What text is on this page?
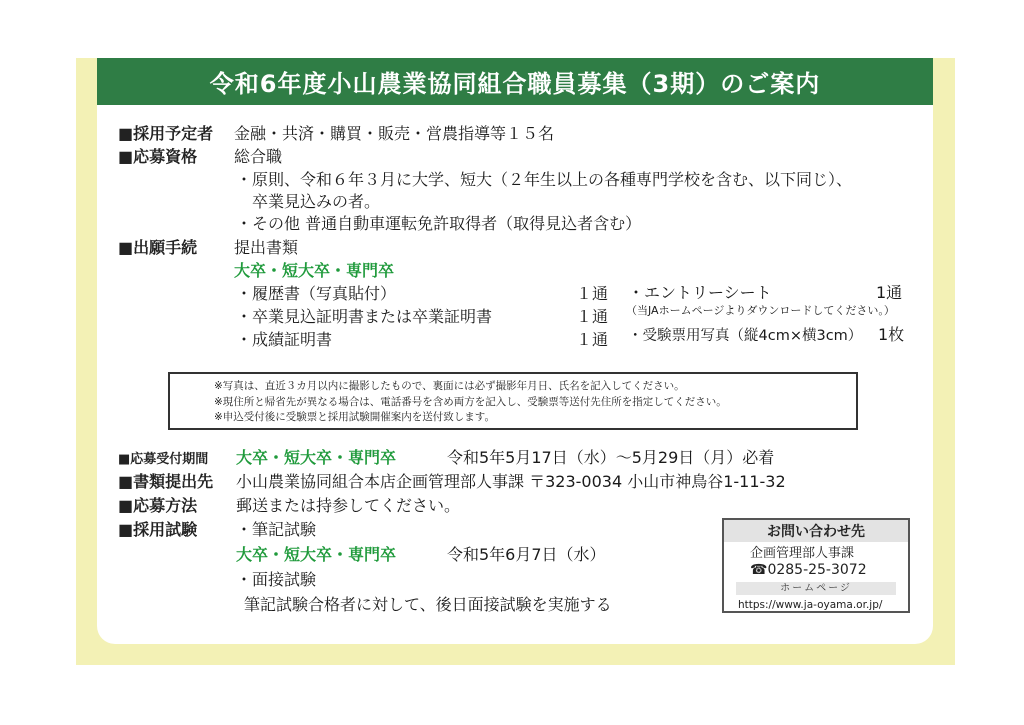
令和6年度小山農業協同組合職員募集（3期）のご案内
■採用予定者 金融・共済・購買・販売・営農指導等１５名
■応募資格 総合職
・原則、令和６年３月に大学、短大（２年生以上の各種専門学校を含む、以下同じ）、
卒業見込みの者。
・その他 普通自動車運転免許取得者（取得見込者含む）
■出願手続 提出書類
大卒・短大卒・専門卒
・履歴書（写真貼付）	１通
・卒業見込証明書または卒業証明書	１通
・成績証明書	１通
・エントリーシート	1通
（当JAホームページよりダウンロードしてください。）
・受験票用写真（縦4cm×横3cm） 1枚
※写真は、直近３カ月以内に撮影したもので、裏面には必ず撮影年月日、氏名を記入してください。
※現住所と帰省先が異なる場合は、電話番号を含め両方を記入し、受験票等送付先住所を指定してください。
※申込受付後に受験票と採用試験開催案内を送付致します。
■応募受付期間 大卒・短大卒・専門卒	令和5年5月17日（水）～5月29日（月）必着
■書類提出先 小山農業協同組合本店企画管理部人事課 〒323-0034 小山市神鳥谷1-11-32
■応募方法 郵送または持参してください。
■採用試験 ・筆記試験
大卒・短大卒・専門卒	令和5年6月7日（水）
・面接試験
筆記試験合格者に対して、後日面接試験を実施する
お問い合わせ先
企画管理部人事課
☎0285-25-3072
ホームページ
https://www.ja-oyama.or.jp/
